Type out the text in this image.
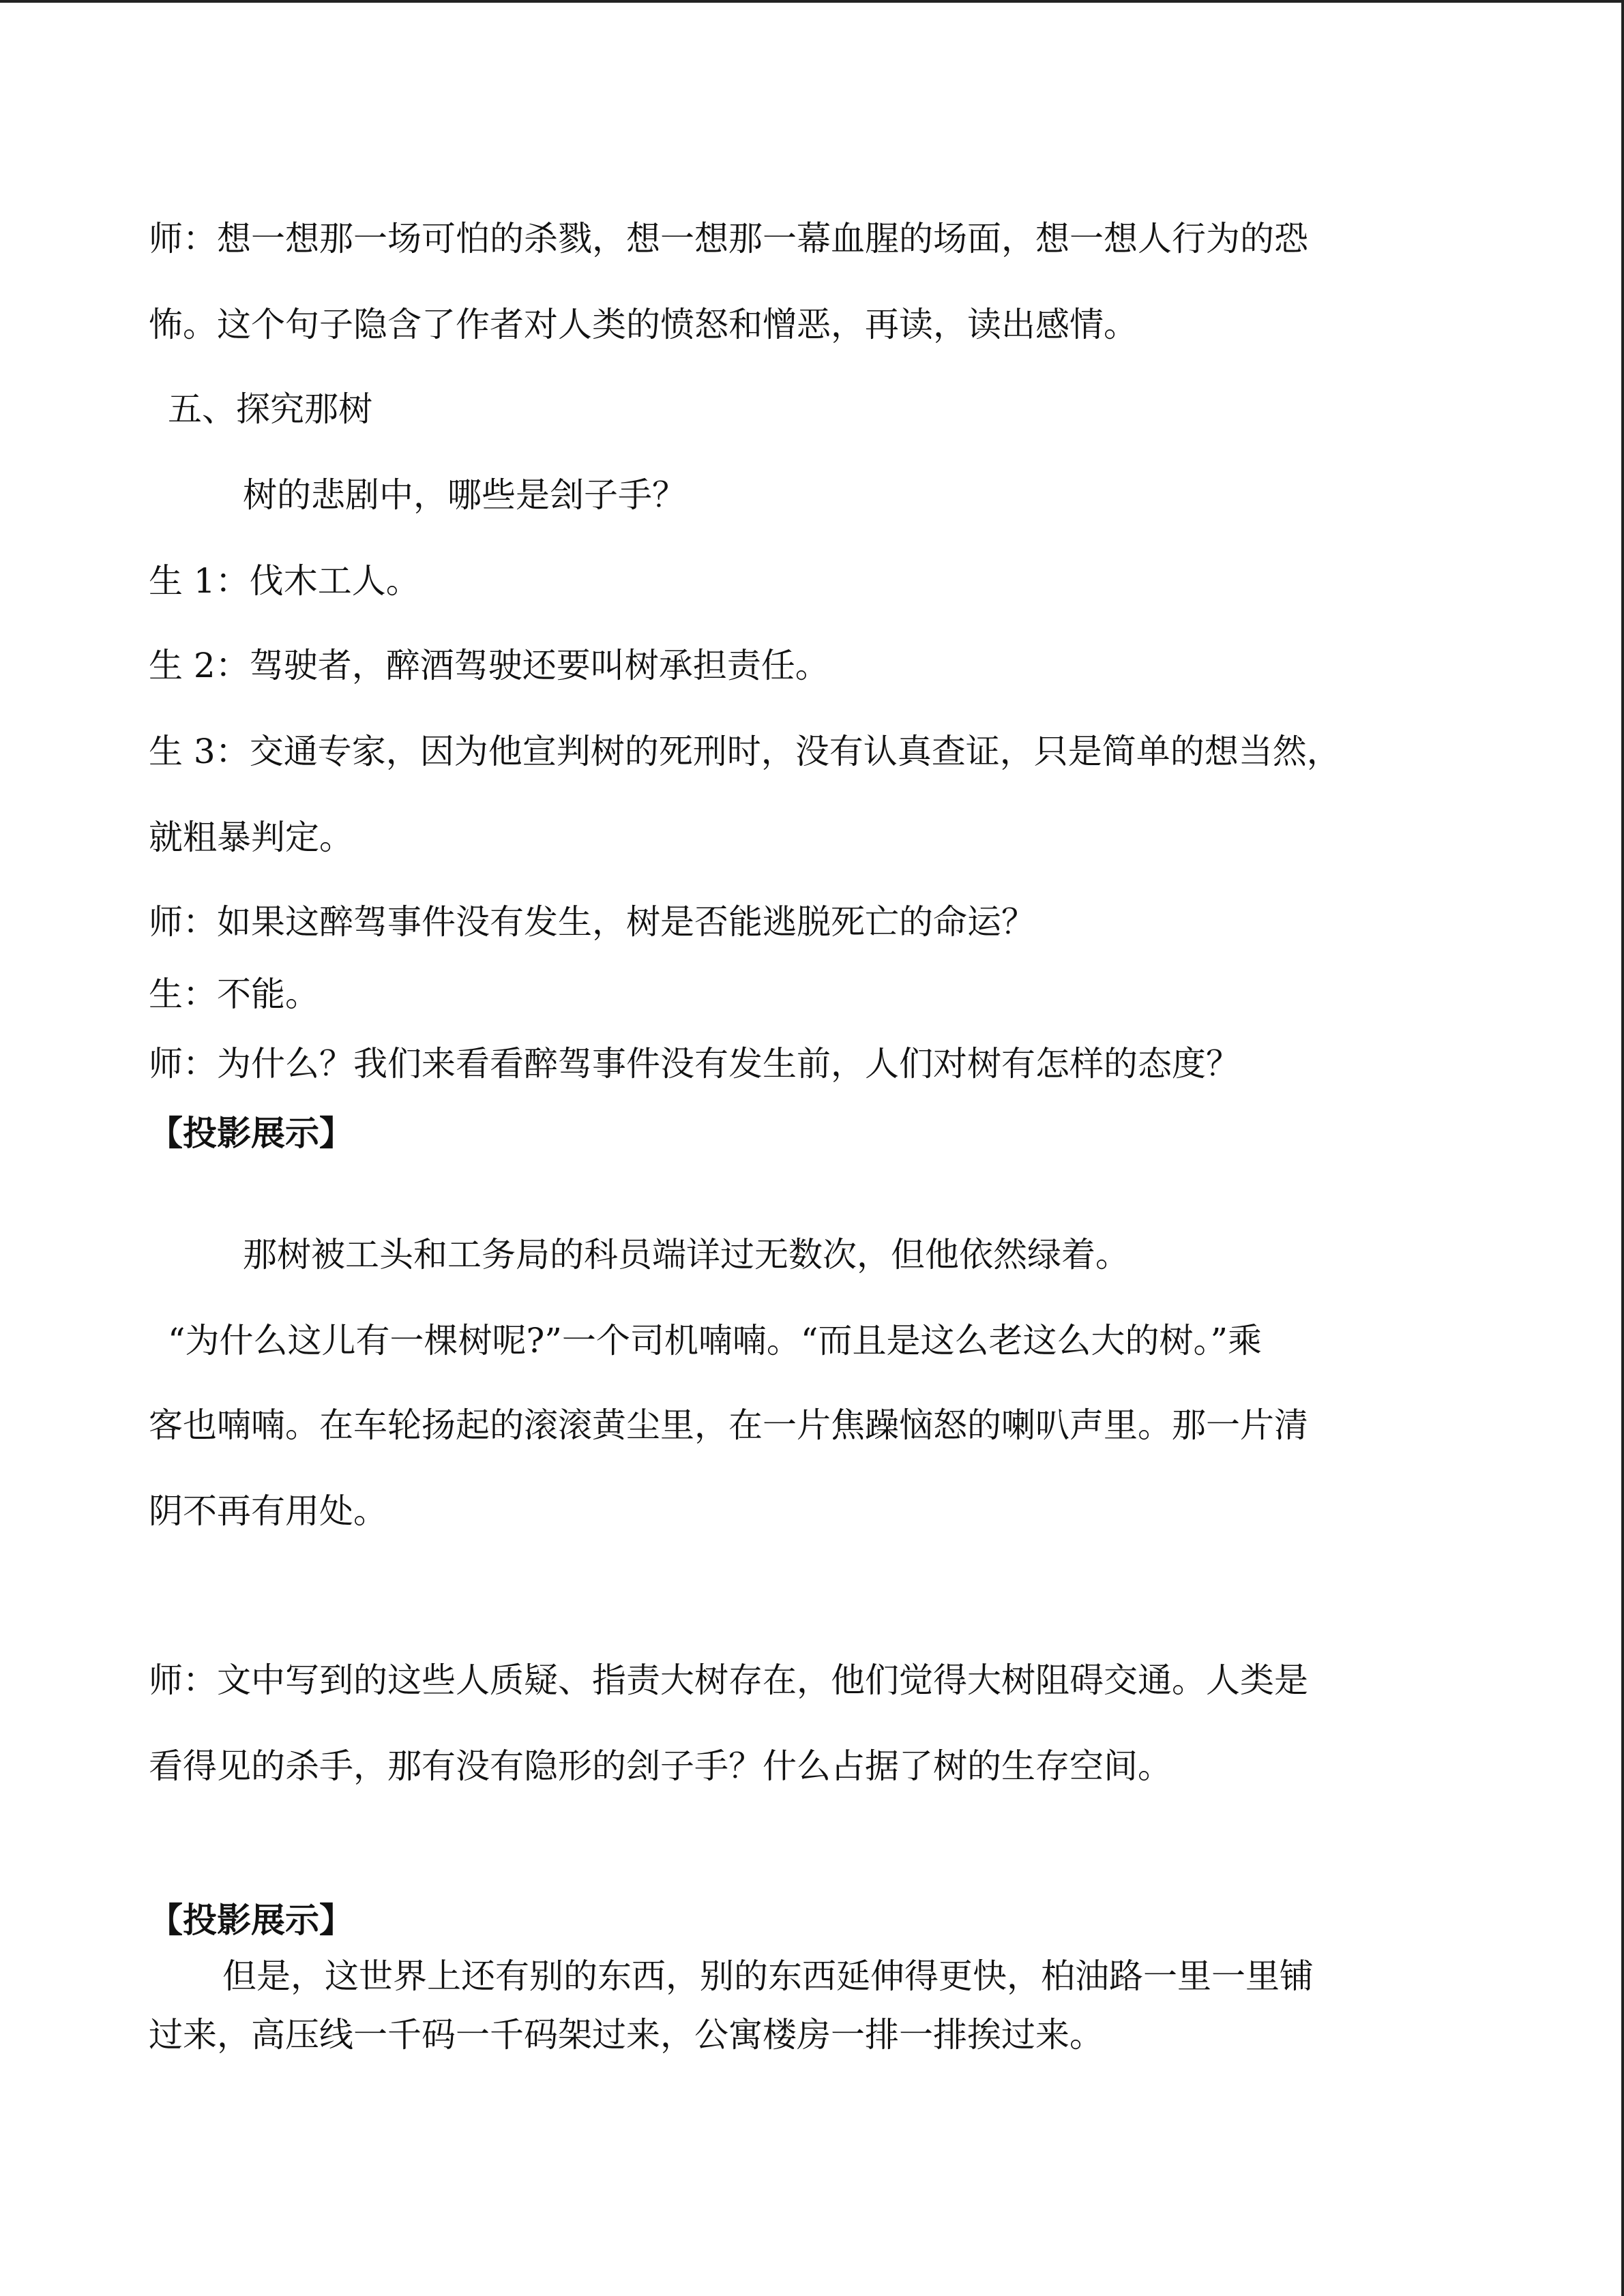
师：想一想那一场可怕的杀戮，想一想那一幕血腥的场面，想一想人行为的恐
怖。这个句子隐含了作者对人类的愤怒和憎恶，再读，读出感情。
五、探究那树
树的悲剧中，哪些是刽子手？
生 1：伐木工人。
生 2：驾驶者，醉酒驾驶还要叫树承担责任。
生 3：交通专家，因为他宣判树的死刑时，没有认真查证，只是简单的想当然，
就粗暴判定。
师：如果这醉驾事件没有发生，树是否能逃脱死亡的命运？
生：不能。
师：为什么？我们来看看醉驾事件没有发生前，人们对树有怎样的态度？
【投影展示】
那树被工头和工务局的科员端详过无数次，但他依然绿着。
“为什么这儿有一棵树呢?”一个司机喃喃。“而且是这么老这么大的树。”乘
客也喃喃。在车轮扬起的滚滚黄尘里，在一片焦躁恼怒的喇叭声里。那一片清
阴不再有用处。
师：文中写到的这些人质疑、指责大树存在，他们觉得大树阻碍交通。人类是
看得见的杀手，那有没有隐形的刽子手？什么占据了树的生存空间。
【投影展示】
但是，这世界上还有别的东西，别的东西延伸得更快，柏油路一里一里铺
过来，高压线一千码一千码架过来，公寓楼房一排一排挨过来。
